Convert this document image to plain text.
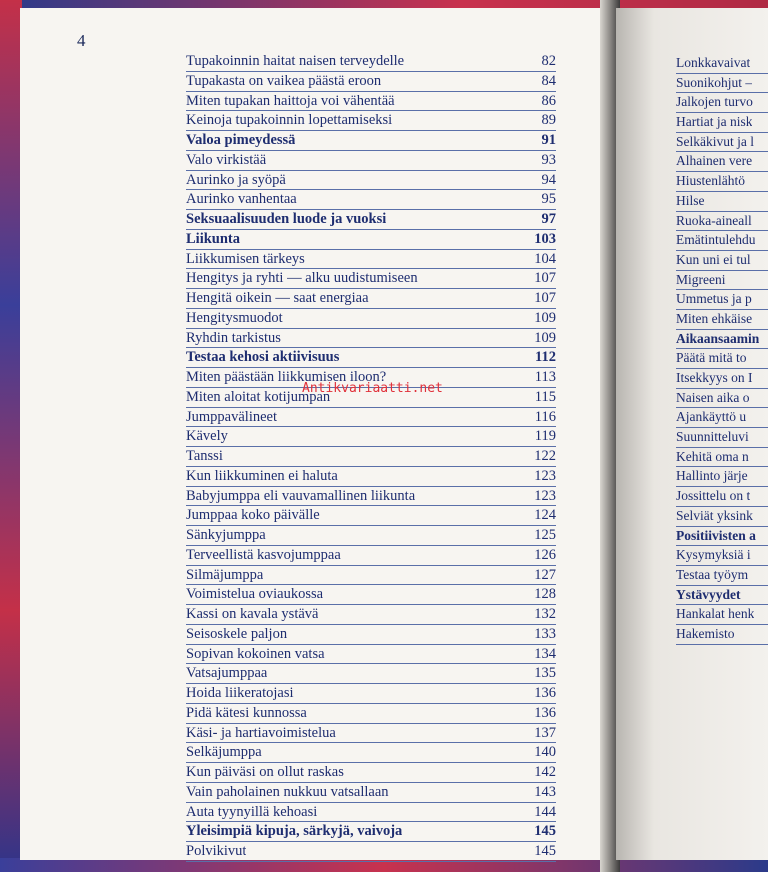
4
Lonkkavaivat
Suonikohjut –
Jalkojen turvo
Hartiat ja nisk
Selkäkivut ja l
Alhainen vere
Hiustenlähtö
Hilse
Ruoka-aineall
Emätintulehdu
Kun uni ei tul
Migreeni
Ummetus ja p
Miten ehkäise
Aikaansaamin
Päätä mitä to
Itsekkyys on I
Naisen aika o
Ajankäyttö u
Suunnitteluvi
Kehitä oma n
Hallinto järje
Jossittelu on t
Selviät yksink
Positiivisten a
Kysymyksiä i
Testaa työym
Ystävyydet
Hankalat henk
Hakemisto
Tupakoinnin haitat naisen terveydelle	82
Tupakasta on vaikea päästä eroon	84
Miten tupakan haittoja voi vähentää	86
Keinoja tupakoinnin lopettamiseksi	89
Valoa pimeydessä	91
Valo virkistää	93
Aurinko ja syöpä	94
Aurinko vanhentaa	95
Seksuaalisuuden luode ja vuoksi	97
Liikunta	103
Liikkumisen tärkeys	104
Hengitys ja ryhti — alku uudistumiseen	107
Hengitä oikein — saat energiaa	107
Hengitysmuodot	109
Ryhdin tarkistus	109
Testaa kehosi aktiivisuus	112
Miten päästään liikkumisen iloon?	113
Miten aloitat kotijumpan	115
Jumppavälineet	116
Kävely	119
Tanssi	122
Kun liikkuminen ei haluta	123
Babyjumppa eli vauvamallinen liikunta	123
Jumppaa koko päivälle	124
Sänkyjumppa	125
Terveellistä kasvojumppaa	126
Silmäjumppa	127
Voimistelua oviaukossa	128
Kassi on kavala ystävä	132
Seisoskele paljon	133
Sopivan kokoinen vatsa	134
Vatsajumppaa	135
Hoida liikeratojasi	136
Pidä kätesi kunnossa	136
Käsi- ja hartiavoimistelua	137
Selkäjumppa	140
Kun päiväsi on ollut raskas	142
Vain paholainen nukkuu vatsallaan	143
Auta tyynyillä kehoasi	144
Yleisimpiä kipuja, särkyjä, vaivoja	145
Polvikivut	145
Antikvariaatti.net
